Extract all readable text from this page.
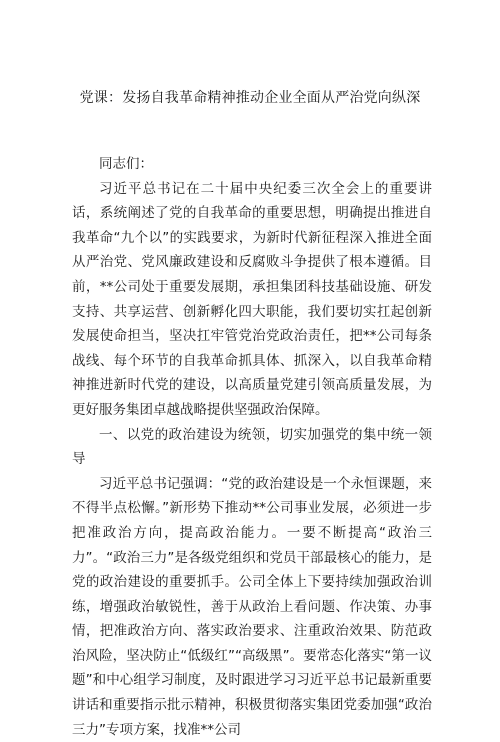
党课：发扬自我革命精神推动企业全面从严治党向纵深

同志们：

习近平总书记在二十届中央纪委三次全会上的重要讲话，系统阐述了党的自我革命的重要思想，明确提出推进自我革命“九个以”的实践要求，为新时代新征程深入推进全面从严治党、党风廉政建设和反腐败斗争提供了根本遵循。目前，**公司处于重要发展期，承担集团科技基础设施、研发支持、共享运营、创新孵化四大职能，我们要切实扛起创新发展使命担当，坚决扛牢管党治党政治责任，把**公司每条战线、每个环节的自我革命抓具体、抓深入，以自我革命精神推进新时代党的建设，以高质量党建引领高质量发展，为更好服务集团卓越战略提供坚强政治保障。

一、以党的政治建设为统领，切实加强党的集中统一领导

习近平总书记强调：“党的政治建设是一个永恒课题，来不得半点松懈。”新形势下推动**公司事业发展，必须进一步把准政治方向，提高政治能力。一要不断提高“政治三力”。“政治三力”是各级党组织和党员干部最核心的能力，是党的政治建设的重要抓手。公司全体上下要持续加强政治训练，增强政治敏锐性，善于从政治上看问题、作决策、办事情，把准政治方向、落实政治要求、注重政治效果、防范政治风险，坚决防止“低级红”“高级黑”。要常态化落实“第一议题”和中心组学习制度，及时跟进学习习近平总书记最新重要讲话和重要指示批示精神，积极贯彻落实集团党委加强“政治三力”专项方案，找准**公司
